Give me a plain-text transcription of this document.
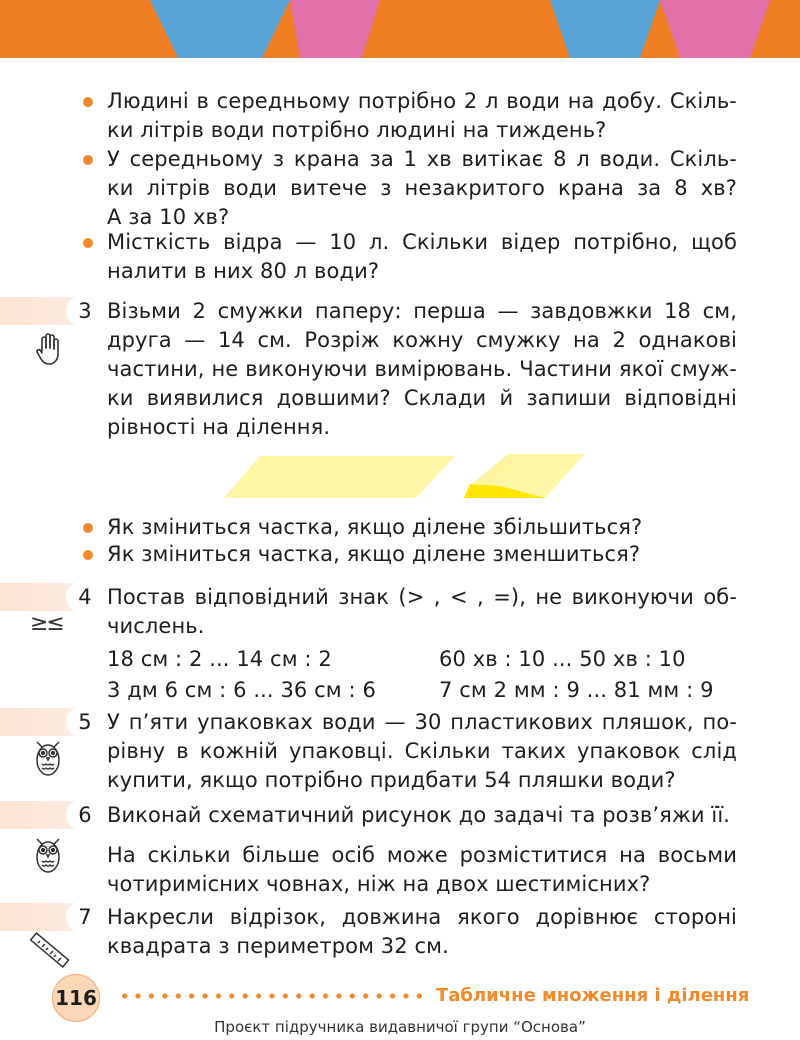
Людині в середньому потрібно 2 л води на добу. Скіль-
ки літрів води потрібно людині на тиждень?
У середньому з крана за 1 хв витікає 8 л води. Скіль-
ки літрів води витече з незакритого крана за 8 хв?
А за 10 хв?
Місткість відра — 10 л. Скільки відер потрібно, щоб
налити в них 80 л води?
3 Візьми 2 смужки паперу: перша — завдовжки 18 см,
друга — 14 см. Розріж кожну смужку на 2 однакові
частини, не виконуючи вимірювань. Частини якої смуж-
ки виявилися довшими? Склади й запиши відповідні
рівності на ділення.
Як зміниться частка, якщо ділене збільшиться?
Як зміниться частка, якщо ділене зменшиться?
4
≥≤
Постав відповідний знак (> , < , =), не виконуючи об-
числень.
18 см : 2 ... 14 см : 2	60 хв : 10 ... 50 хв : 10
3 дм 6 см : 6 ... 36 см : 6	7 см 2 мм : 9 ... 81 мм : 9
5 У п’яти упаковках води — 30 пластикових пляшок, по-
рівну в кожній упаковці. Скільки таких упаковок слід
купити, якщо потрібно придбати 54 пляшки води?
6 Виконай схематичний рисунок до задачі та розв’яжи її.
На скільки більше осіб може розміститися на восьми
чотиримісних човнах, ніж на двох шестимісних?
7 Накресли відрізок, довжина якого дорівнює стороні
квадрата з периметром 32 см.
116	Табличне множення і ділення
Проєкт підручника видавничої групи “Основа”
